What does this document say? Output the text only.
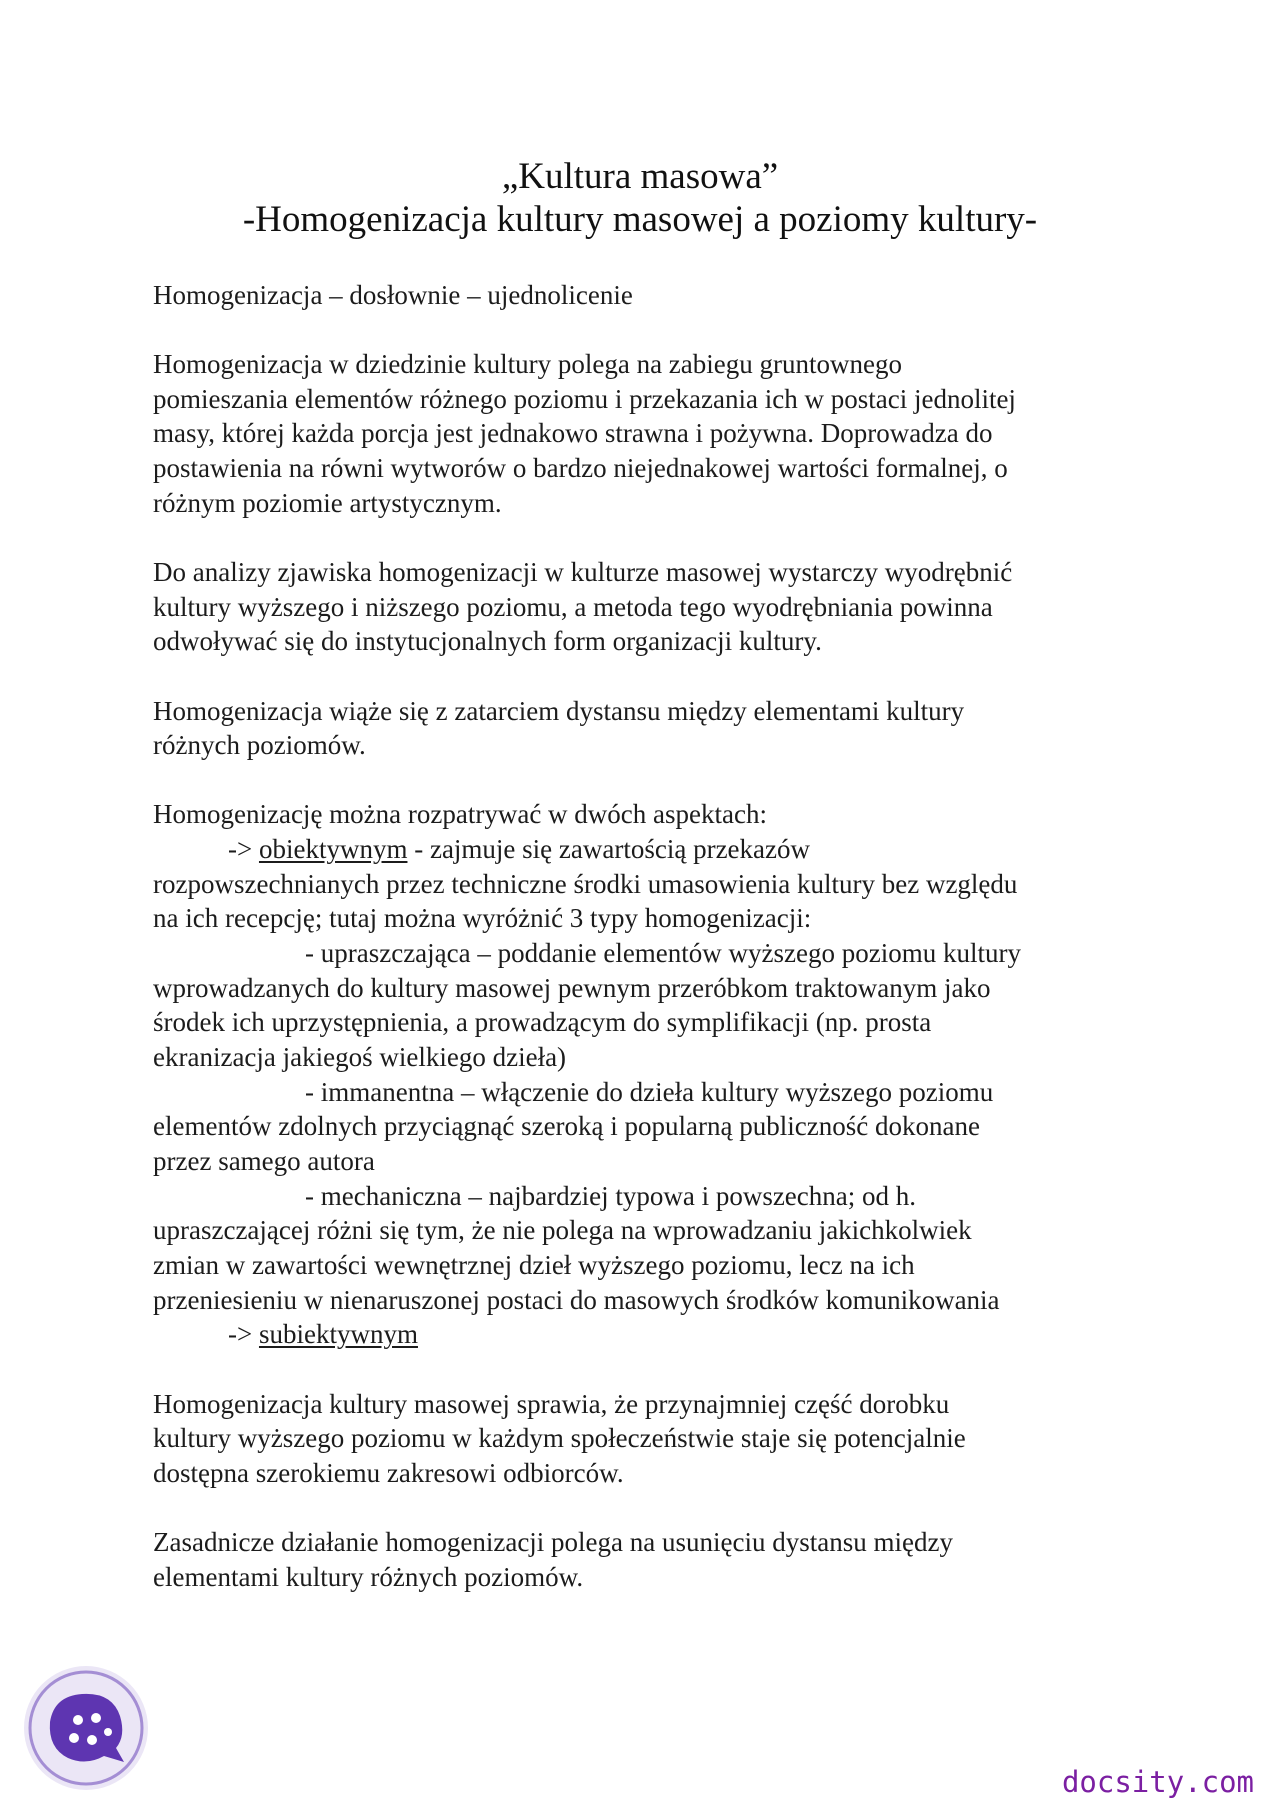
„Kultura masowa”
-Homogenizacja kultury masowej a poziomy kultury-
Homogenizacja – dosłownie – ujednolicenie
Homogenizacja w dziedzinie kultury polega na zabiegu gruntownego
pomieszania elementów różnego poziomu i przekazania ich w postaci jednolitej
masy, której każda porcja jest jednakowo strawna i pożywna. Doprowadza do
postawienia na równi wytworów o bardzo niejednakowej wartości formalnej, o
różnym poziomie artystycznym.
Do analizy zjawiska homogenizacji w kulturze masowej wystarczy wyodrębnić
kultury wyższego i niższego poziomu, a metoda tego wyodrębniania powinna
odwoływać się do instytucjonalnych form organizacji kultury.
Homogenizacja wiąże się z zatarciem dystansu między elementami kultury
różnych poziomów.
Homogenizację można rozpatrywać w dwóch aspektach:
-> obiektywnym - zajmuje się zawartością przekazów
rozpowszechnianych przez techniczne środki umasowienia kultury bez względu
na ich recepcję; tutaj można wyróżnić 3 typy homogenizacji:
- upraszczająca – poddanie elementów wyższego poziomu kultury
wprowadzanych do kultury masowej pewnym przeróbkom traktowanym jako
środek ich uprzystępnienia, a prowadzącym do symplifikacji (np. prosta
ekranizacja jakiegoś wielkiego dzieła)
- immanentna – włączenie do dzieła kultury wyższego poziomu
elementów zdolnych przyciągnąć szeroką i popularną publiczność dokonane
przez samego autora
- mechaniczna – najbardziej typowa i powszechna; od h.
upraszczającej różni się tym, że nie polega na wprowadzaniu jakichkolwiek
zmian w zawartości wewnętrznej dzieł wyższego poziomu, lecz na ich
przeniesieniu w nienaruszonej postaci do masowych środków komunikowania
-> subiektywnym
Homogenizacja kultury masowej sprawia, że przynajmniej część dorobku
kultury wyższego poziomu w każdym społeczeństwie staje się potencjalnie
dostępna szerokiemu zakresowi odbiorców.
Zasadnicze działanie homogenizacji polega na usunięciu dystansu między
elementami kultury różnych poziomów.
docsity.com
